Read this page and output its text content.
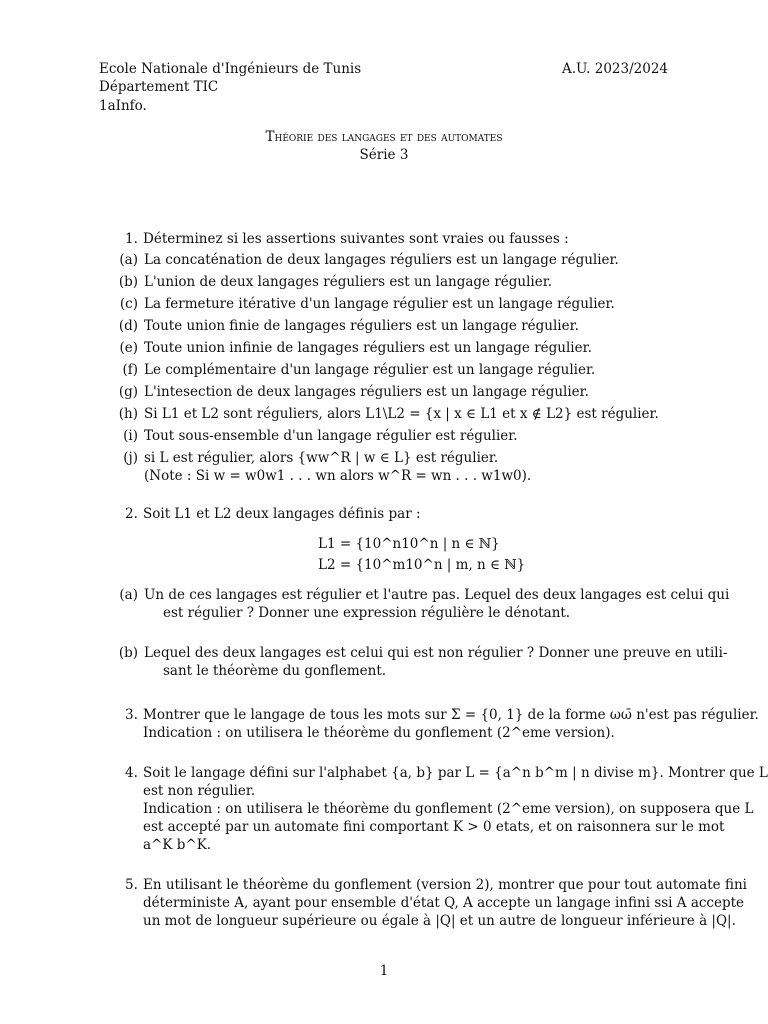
Ecole Nationale d'Ingénieurs de Tunis
Département TIC
1aInfo.
A.U. 2023/2024
Théorie des langages et des automates
Série 3
1. Déterminez si les assertions suivantes sont vraies ou fausses :
(a) La concaténation de deux langages réguliers est un langage régulier.
(b) L'union de deux langages réguliers est un langage régulier.
(c) La fermeture itérative d'un langage régulier est un langage régulier.
(d) Toute union finie de langages réguliers est un langage régulier.
(e) Toute union infinie de langages réguliers est un langage régulier.
(f) Le complémentaire d'un langage régulier est un langage régulier.
(g) L'intesection de deux langages réguliers est un langage régulier.
(h) Si L1 et L2 sont réguliers, alors L1\L2 = {x | x ∈ L1 et x ∉ L2} est régulier.
(i) Tout sous-ensemble d'un langage régulier est régulier.
(j) si L est régulier, alors {ww^R | w ∈ L} est régulier.
(Note : Si w = w0w1 . . . wn alors w^R = wn . . . w1w0).
2. Soit L1 et L2 deux langages définis par :
L1 = {10^n10^n | n ∈ ℕ}
L2 = {10^m10^n | m, n ∈ ℕ}
(a) Un de ces langages est régulier et l'autre pas. Lequel des deux langages est celui qui
est régulier ? Donner une expression régulière le dénotant.
(b) Lequel des deux langages est celui qui est non régulier ? Donner une preuve en utili-
sant le théorème du gonflement.
3. Montrer que le langage de tous les mots sur Σ = {0, 1} de la forme ωω̄ n'est pas régulier.
Indication : on utilisera le théorème du gonflement (2^eme version).
4. Soit le langage défini sur l'alphabet {a, b} par L = {a^n b^m | n divise m}. Montrer que L
est non régulier.
Indication : on utilisera le théorème du gonflement (2^eme version), on supposera que L
est accepté par un automate fini comportant K > 0 etats, et on raisonnera sur le mot
a^K b^K.
5. En utilisant le théorème du gonflement (version 2), montrer que pour tout automate fini
déterministe A, ayant pour ensemble d'état Q, A accepte un langage infini ssi A accepte
un mot de longueur supérieure ou égale à |Q| et un autre de longueur inférieure à |Q|.
1
